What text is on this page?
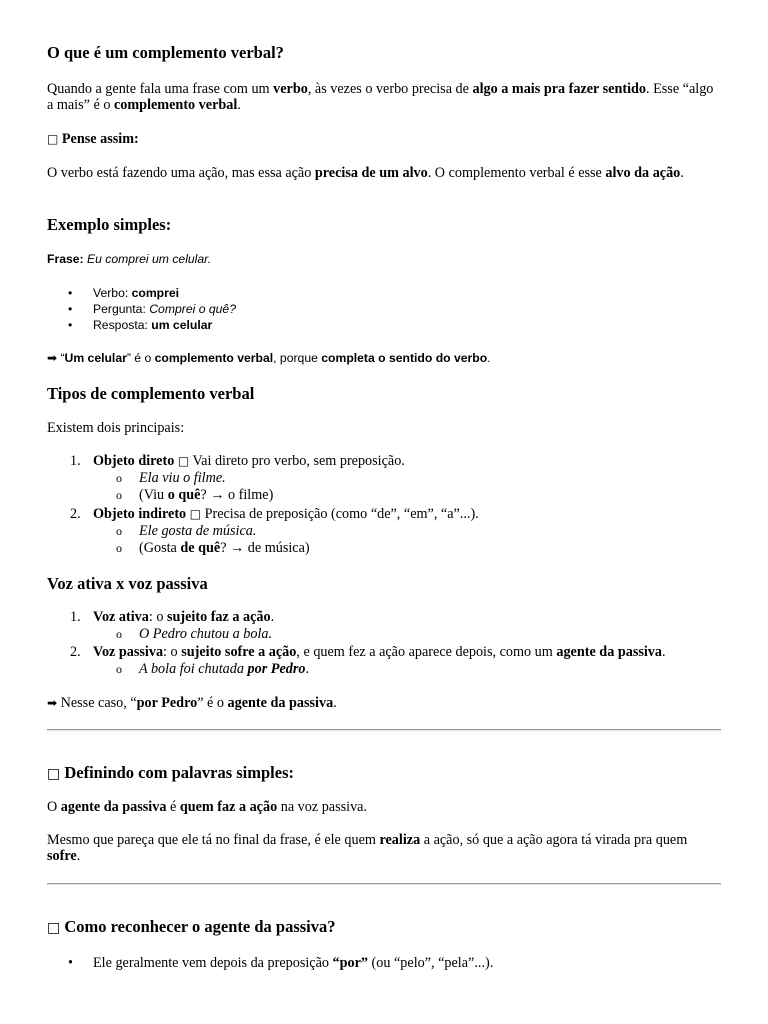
O que é um complemento verbal?

Quando a gente fala uma frase com um verbo, às vezes o verbo precisa de algo a mais pra fazer sentido. Esse “algo a mais” é o complemento verbal.

□ Pense assim:

O verbo está fazendo uma ação, mas essa ação precisa de um alvo. O complemento verbal é esse alvo da ação.

Exemplo simples:

Frase: Eu comprei um celular.

• Verbo: comprei
• Pergunta: Comprei o quê?
• Resposta: um celular

➡ “Um celular” é o complemento verbal, porque completa o sentido do verbo.

Tipos de complemento verbal

Existem dois principais:

1. Objeto direto □ Vai direto pro verbo, sem preposição.
o Ela viu o filme.
o (Viu o quê? → o filme)
2. Objeto indireto □ Precisa de preposição (como “de”, “em”, “a”...).
o Ele gosta de música.
o (Gosta de quê? → de música)
Voz ativa x voz passiva
1. Voz ativa: o sujeito faz a ação.
o O Pedro chutou a bola.
2. Voz passiva: o sujeito sofre a ação, e quem fez a ação aparece depois, como um agente da passiva.
o A bola foi chutada por Pedro.

➡ Nesse caso, “por Pedro” é o agente da passiva.

□ Definindo com palavras simples:

O agente da passiva é quem faz a ação na voz passiva.

Mesmo que pareça que ele tá no final da frase, é ele quem realiza a ação, só que a ação agora tá virada pra quem sofre.

□ Como reconhecer o agente da passiva?
• Ele geralmente vem depois da preposição “por” (ou “pelo”, “pela”...).
